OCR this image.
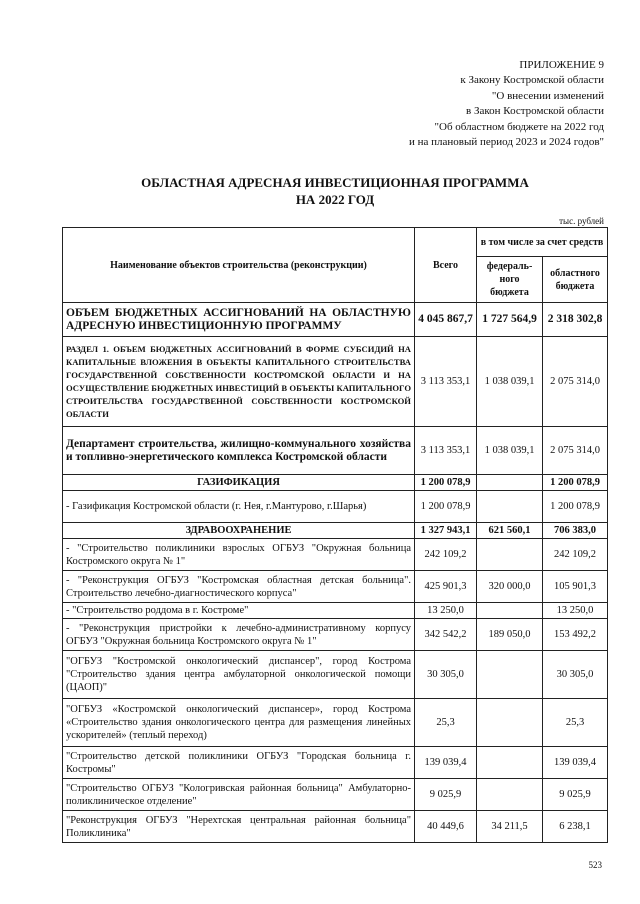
ПРИЛОЖЕНИЕ 9
к Закону Костромской области
"О внесении изменений
в Закон Костромской области
"Об областном бюджете на 2022 год
и на плановый период 2023 и 2024 годов"
ОБЛАСТНАЯ АДРЕСНАЯ ИНВЕСТИЦИОННАЯ ПРОГРАММА
НА 2022 ГОД
тыс. рублей
Наименование объектов строительства (реконструкции)	Всего	в том числе за счет средств	
		федераль-ного бюджета	областного бюджета
ОБЪЕМ БЮДЖЕТНЫХ АССИГНОВАНИЙ НА ОБЛАСТНУЮ АДРЕСНУЮ ИНВЕСТИЦИОННУЮ ПРОГРАММУ	4 045 867,7	1 727 564,9	2 318 302,8
РАЗДЕЛ 1. ОБЪЕМ БЮДЖЕТНЫХ АССИГНОВАНИЙ В ФОРМЕ СУБСИДИЙ НА КАПИТАЛЬНЫЕ ВЛОЖЕНИЯ В ОБЪЕКТЫ КАПИТАЛЬНОГО СТРОИТЕЛЬСТВА ГОСУДАРСТВЕННОЙ СОБСТВЕННОСТИ КОСТРОМСКОЙ ОБЛАСТИ И НА ОСУЩЕСТВЛЕНИЕ БЮДЖЕТНЫХ ИНВЕСТИЦИЙ В ОБЪЕКТЫ КАПИТАЛЬНОГО СТРОИТЕЛЬСТВА ГОСУДАРСТВЕННОЙ СОБСТВЕННОСТИ КОСТРОМСКОЙ ОБЛАСТИ	3 113 353,1	1 038 039,1	2 075 314,0
Департамент строительства, жилищно-коммунального хозяйства и топливно-энергетического комплекса Костромской области	3 113 353,1	1 038 039,1	2 075 314,0
ГАЗИФИКАЦИЯ	1 200 078,9		1 200 078,9
- Газификация Костромской области (г. Нея, г.Мантурово, г.Шарья)	1 200 078,9		1 200 078,9
ЗДРАВООХРАНЕНИЕ	1 327 943,1	621 560,1	706 383,0
- "Строительство поликлиники взрослых ОГБУЗ "Окружная больница Костромского округа № 1"	242 109,2		242 109,2
- "Реконструкция ОГБУЗ "Костромская областная детская больница". Строительство лечебно-диагностического корпуса"	425 901,3	320 000,0	105 901,3
- "Строительство роддома в г. Костроме"	13 250,0		13 250,0
- "Реконструкция пристройки к лечебно-административному корпусу ОГБУЗ "Окружная больница Костромского округа № 1"	342 542,2	189 050,0	153 492,2
"ОГБУЗ "Костромской онкологический диспансер", город Кострома "Строительство здания центра амбулаторной онкологической помощи (ЦАОП)"	30 305,0		30 305,0
"ОГБУЗ «Костромской онкологический диспансер», город Кострома «Строительство здания онкологического центра для размещения линейных ускорителей» (теплый переход)	25,3		25,3
"Строительство детской поликлиники ОГБУЗ "Городская больница г. Костромы"	139 039,4		139 039,4
"Строительство ОГБУЗ "Кологривская районная больница" Амбулаторно-поликлиническое отделение"	9 025,9		9 025,9
"Реконструкция ОГБУЗ "Нерехтская центральная районная больница" Поликлиника"	40 449,6	34 211,5	6 238,1
523
